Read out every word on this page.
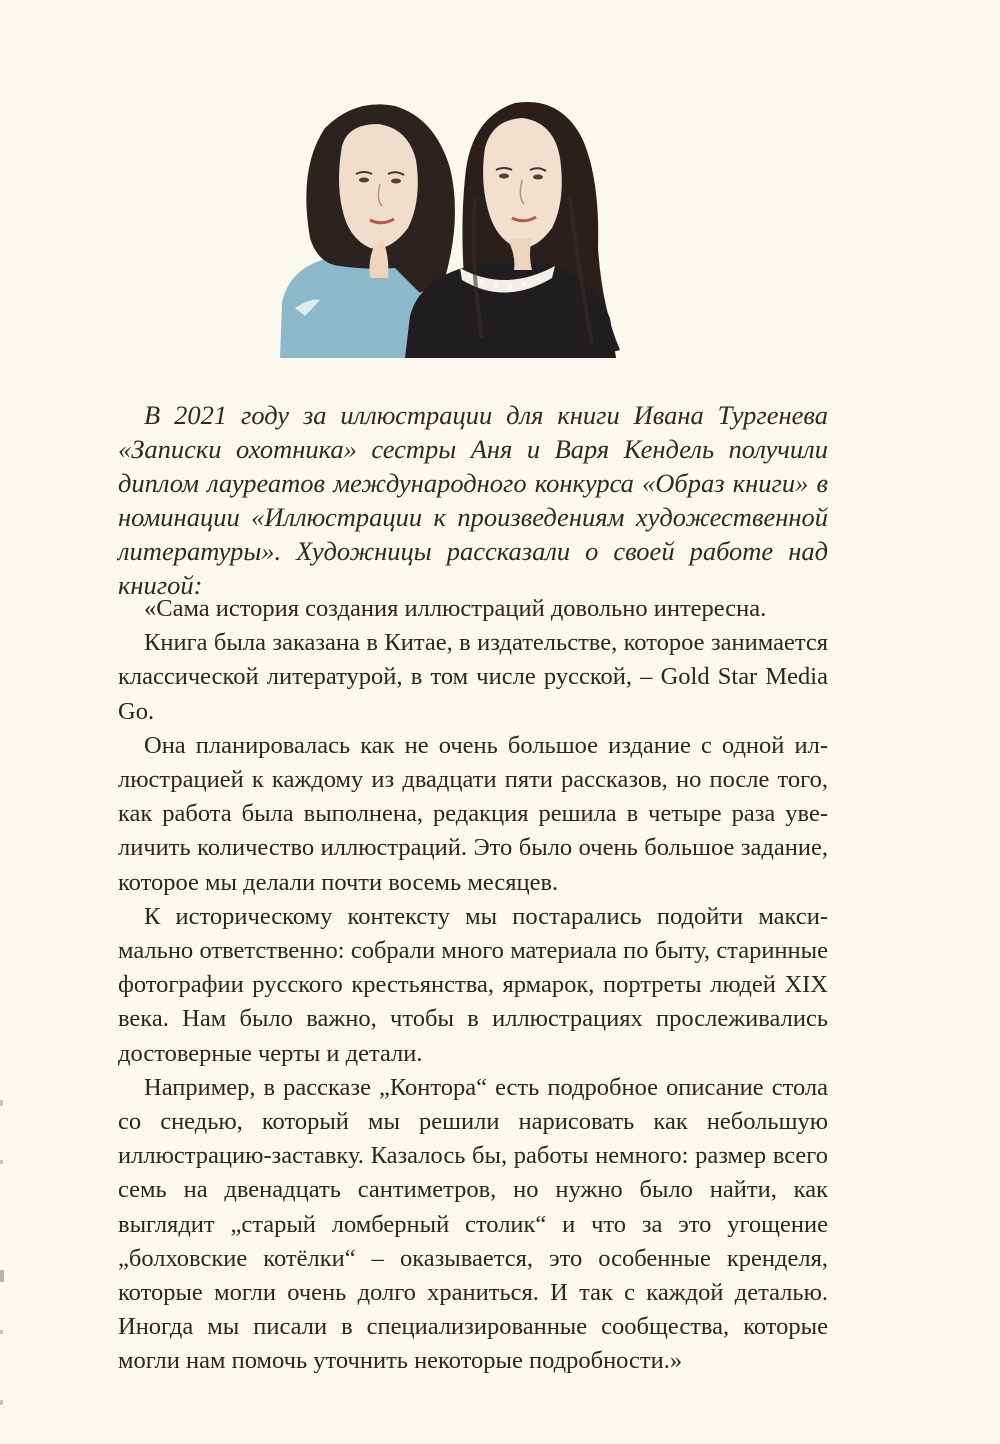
В 2021 году за иллюстрации для книги Ивана Тургенева «Записки охотника» сестры Аня и Варя Кендель получили диплом лауреатов международного конкурса «Образ книги» в номинации «Иллюстрации к произведениям художественной литературы». Художницы рассказали о своей работе над книгой:

«Сама история создания иллюстраций довольно интересна.

Книга была заказана в Китае, в издательстве, которое занимается классической литературой, в том числе русской, – Gold Star Media Go.

Она планировалась как не очень большое издание с одной иллюстрацией к каждому из двадцати пяти рассказов, но после того, как работа была выполнена, редакция решила в четыре раза увеличить количество иллюстраций. Это было очень большое задание, которое мы делали почти восемь месяцев.

К историческому контексту мы постарались подойти максимально ответственно: собрали много материала по быту, старинные фотографии русского крестьянства, ярмарок, портреты людей XIX века. Нам было важно, чтобы в иллюстрациях прослеживались достоверные черты и детали.

Например, в рассказе „Контора“ есть подробное описание стола со снедью, который мы решили нарисовать как небольшую иллюстрацию-заставку. Казалось бы, работы немного: размер всего семь на двенадцать сантиметров, но нужно было найти, как выглядит „старый ломберный столик“ и что за это угощение „болховские котёлки“ – оказывается, это особенные кренделя, которые могли очень долго храниться. И так с каждой деталью. Иногда мы писали в специализированные сообщества, которые могли нам помочь уточнить некоторые подробности.»
